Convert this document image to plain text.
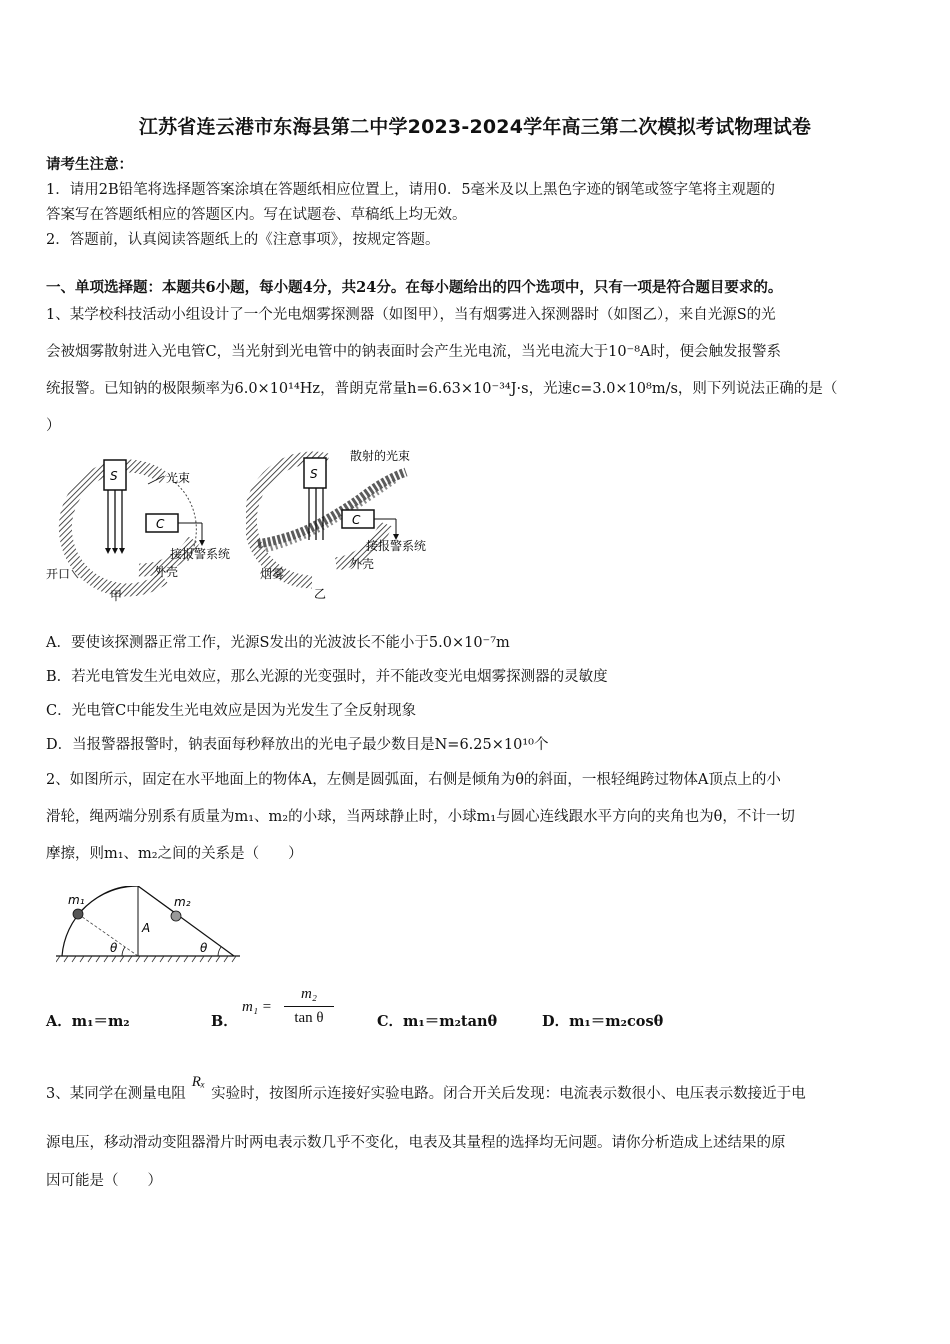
江苏省连云港市东海县第二中学2023-2024学年高三第二次模拟考试物理试卷
请考生注意：
1．请用2B铅笔将选择题答案涂填在答题纸相应位置上，请用0．5毫米及以上黑色字迹的钢笔或签字笔将主观题的
答案写在答题纸相应的答题区内。写在试题卷、草稿纸上均无效。
2．答题前，认真阅读答题纸上的《注意事项》，按规定答题。
一、单项选择题：本题共6小题，每小题4分，共24分。在每小题给出的四个选项中，只有一项是符合题目要求的。
1、某学校科技活动小组设计了一个光电烟雾探测器（如图甲），当有烟雾进入探测器时（如图乙），来自光源S的光
会被烟雾散射进入光电管C，当光射到光电管中的钠表面时会产生光电流，当光电流大于10⁻⁸A时，便会触发报警系
统报警。已知钠的极限频率为6.0×10¹⁴Hz，普朗克常量h=6.63×10⁻³⁴J·s，光速c=3.0×10⁸m/s，则下列说法正确的是（
）
S
C
光束
接报警系统
外壳
开口
甲
S
C
散射的光束
接报警系统
外壳
烟雾
乙
A．要使该探测器正常工作，光源S发出的光波波长不能小于5.0×10⁻⁷m
B．若光电管发生光电效应，那么光源的光变强时，并不能改变光电烟雾探测器的灵敏度
C．光电管C中能发生光电效应是因为光发生了全反射现象
D．当报警器报警时，钠表面每秒释放出的光电子最少数目是N=6.25×10¹⁰个
2、如图所示，固定在水平地面上的物体A，左侧是圆弧面，右侧是倾角为θ的斜面，一根轻绳跨过物体A顶点上的小
滑轮，绳两端分别系有质量为m₁、m₂的小球，当两球静止时，小球m₁与圆心连线跟水平方向的夹角也为θ，不计一切
摩擦，则m₁、m₂之间的关系是（　　）
m₁	m₂
A
θ	θ
A．m₁＝m₂	B．
m₁ =
m₂
tan θ	C．m₁＝m₂tanθ	D．m₁＝m₂cosθ
3、某同学在测量电阻Rₓ实验时，按图所示连接好实验电路。闭合开关后发现：电流表示数很小、电压表示数接近于电
源电压，移动滑动变阻器滑片时两电表示数几乎不变化，电表及其量程的选择均无问题。请你分析造成上述结果的原
因可能是（　　）
